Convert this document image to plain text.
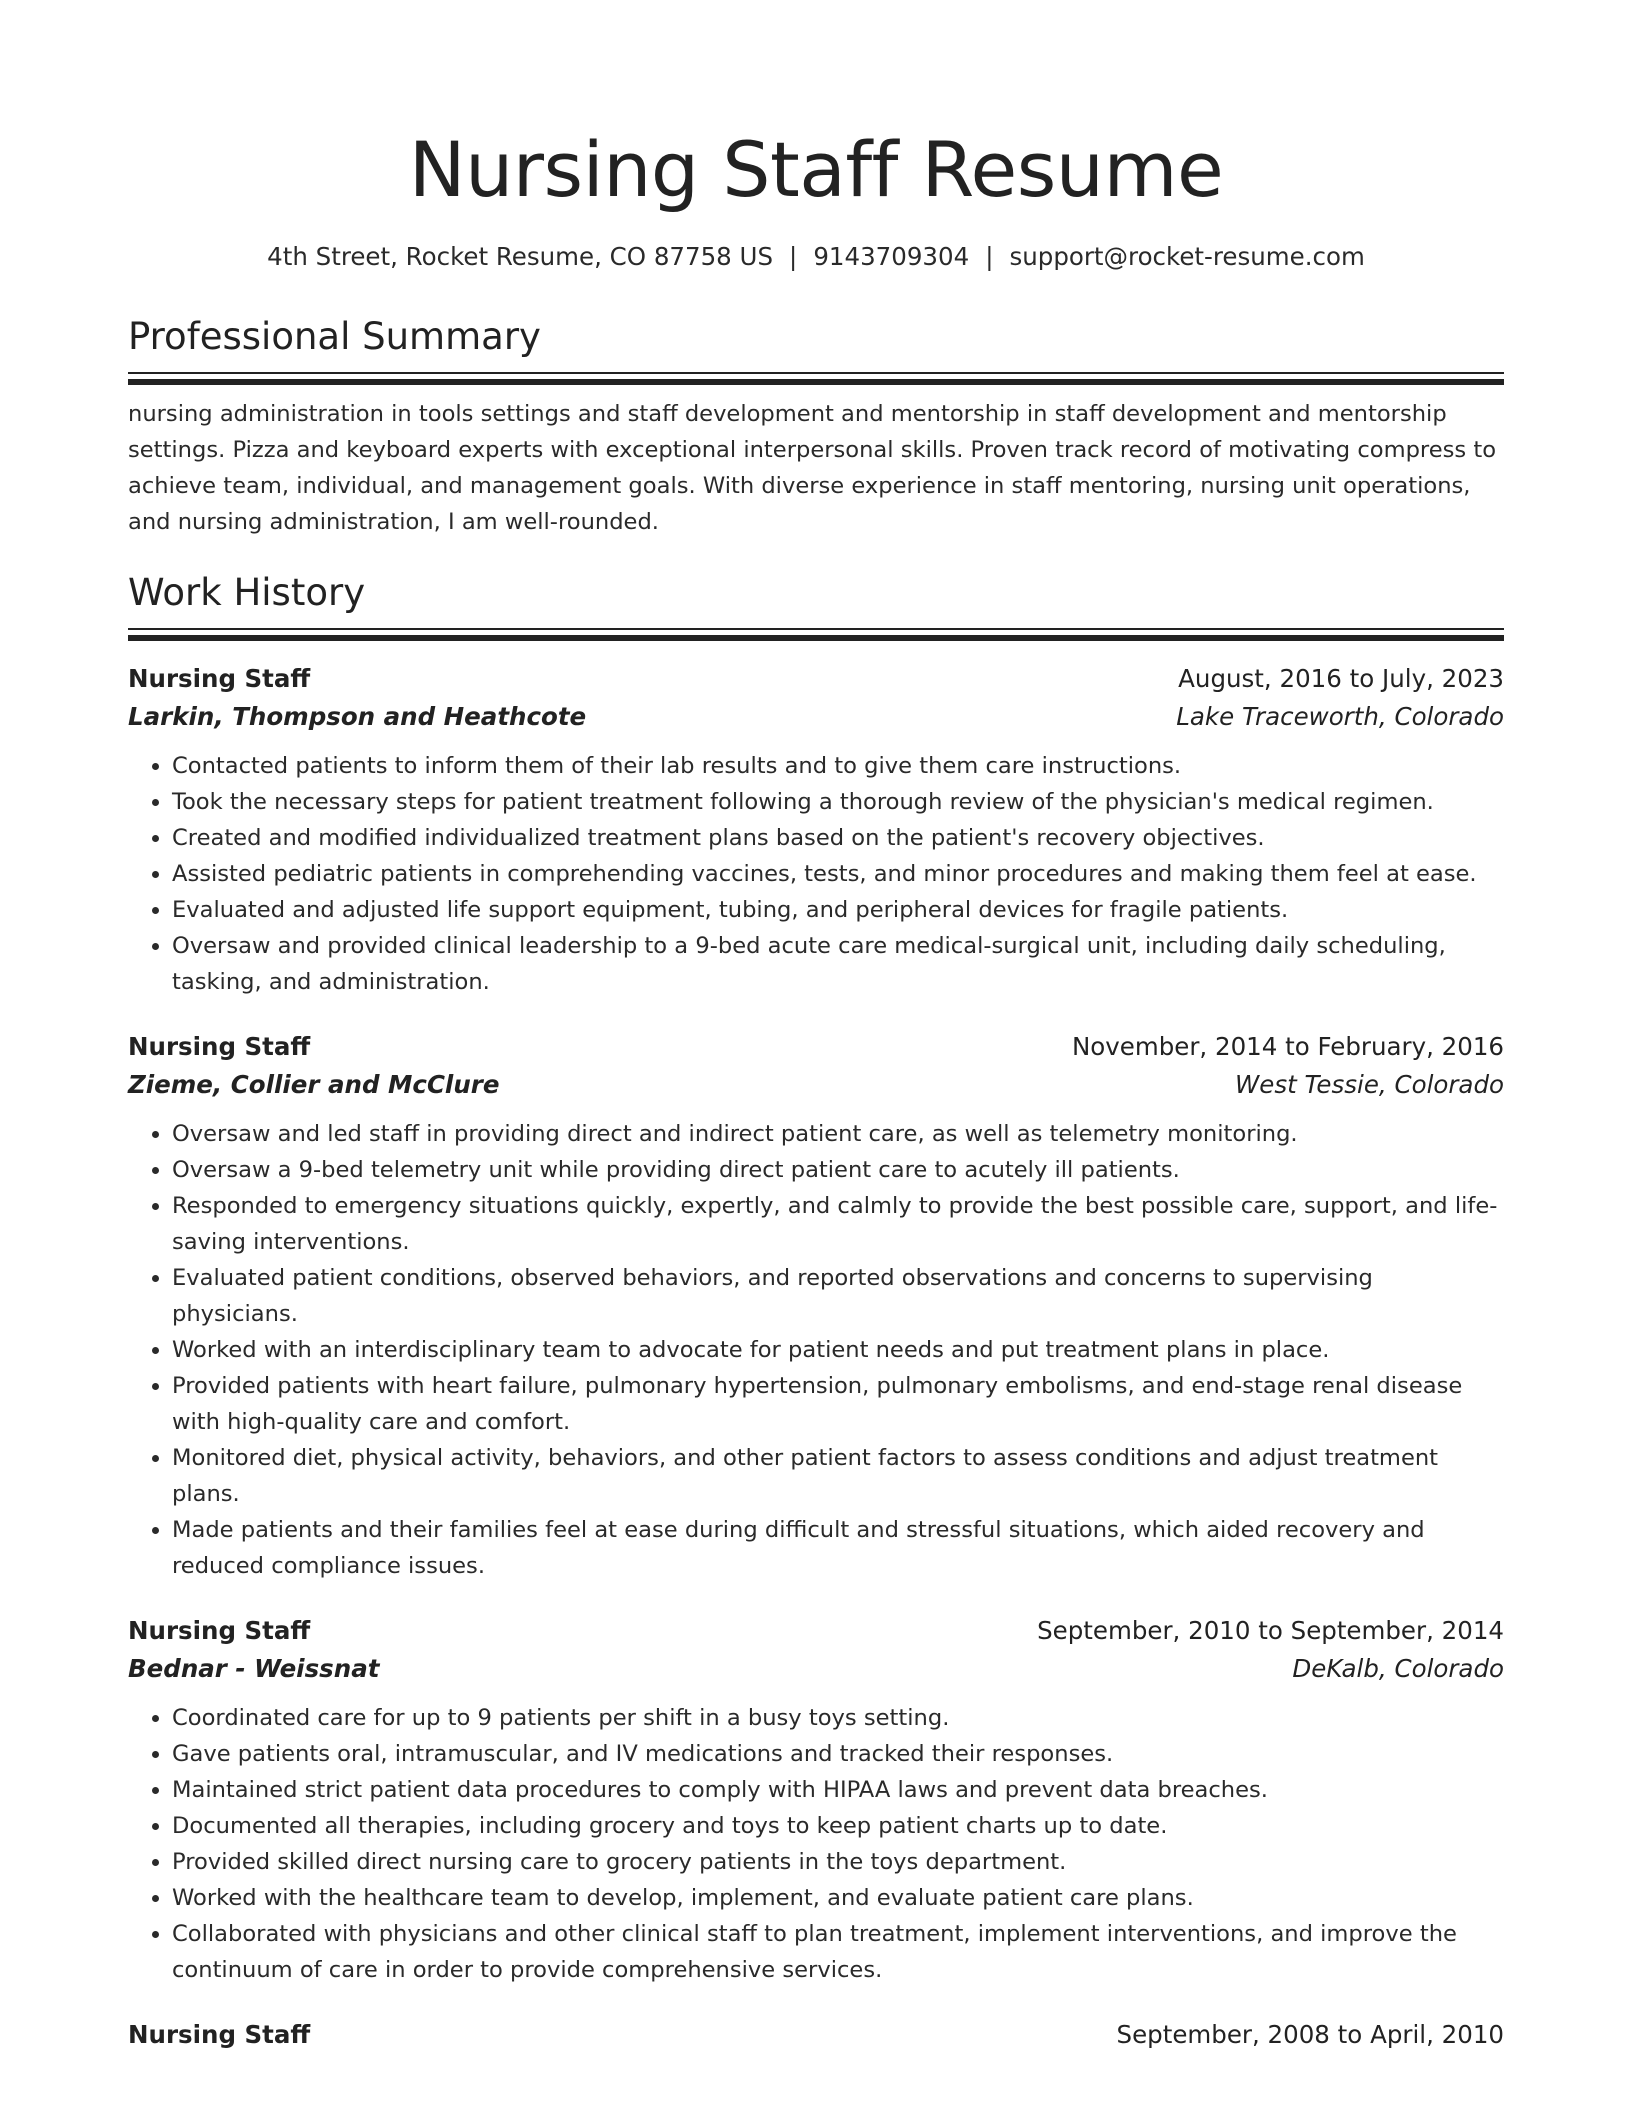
Nursing Staff Resume
4th Street, Rocket Resume, CO 87758 US | 9143709304 | support@rocket-resume.com
Professional Summary

nursing administration in tools settings and staff development and mentorship in staff development and mentorship settings. Pizza and keyboard experts with exceptional interpersonal skills. Proven track record of motivating compress to achieve team, individual, and management goals. With diverse experience in staff mentoring, nursing unit operations, and nursing administration, I am well-rounded.

Work History
Nursing Staff	August, 2016 to July, 2023
Larkin, Thompson and Heathcote	Lake Traceworth, Colorado
• Contacted patients to inform them of their lab results and to give them care instructions.
• Took the necessary steps for patient treatment following a thorough review of the physician's medical regimen.
• Created and modified individualized treatment plans based on the patient's recovery objectives.
• Assisted pediatric patients in comprehending vaccines, tests, and minor procedures and making them feel at ease.
• Evaluated and adjusted life support equipment, tubing, and peripheral devices for fragile patients.
• Oversaw and provided clinical leadership to a 9-bed acute care medical-surgical unit, including daily scheduling, tasking, and administration.
Nursing Staff	November, 2014 to February, 2016
Zieme, Collier and McClure	West Tessie, Colorado
• Oversaw and led staff in providing direct and indirect patient care, as well as telemetry monitoring.
• Oversaw a 9-bed telemetry unit while providing direct patient care to acutely ill patients.
• Responded to emergency situations quickly, expertly, and calmly to provide the best possible care, support, and life-saving interventions.
• Evaluated patient conditions, observed behaviors, and reported observations and concerns to supervising physicians.
• Worked with an interdisciplinary team to advocate for patient needs and put treatment plans in place.
• Provided patients with heart failure, pulmonary hypertension, pulmonary embolisms, and end-stage renal disease with high-quality care and comfort.
• Monitored diet, physical activity, behaviors, and other patient factors to assess conditions and adjust treatment plans.
• Made patients and their families feel at ease during difficult and stressful situations, which aided recovery and reduced compliance issues.
Nursing Staff	September, 2010 to September, 2014
Bednar - Weissnat	DeKalb, Colorado
• Coordinated care for up to 9 patients per shift in a busy toys setting.
• Gave patients oral, intramuscular, and IV medications and tracked their responses.
• Maintained strict patient data procedures to comply with HIPAA laws and prevent data breaches.
• Documented all therapies, including grocery and toys to keep patient charts up to date.
• Provided skilled direct nursing care to grocery patients in the toys department.
• Worked with the healthcare team to develop, implement, and evaluate patient care plans.
• Collaborated with physicians and other clinical staff to plan treatment, implement interventions, and improve the continuum of care in order to provide comprehensive services.
Nursing Staff	September, 2008 to April, 2010
